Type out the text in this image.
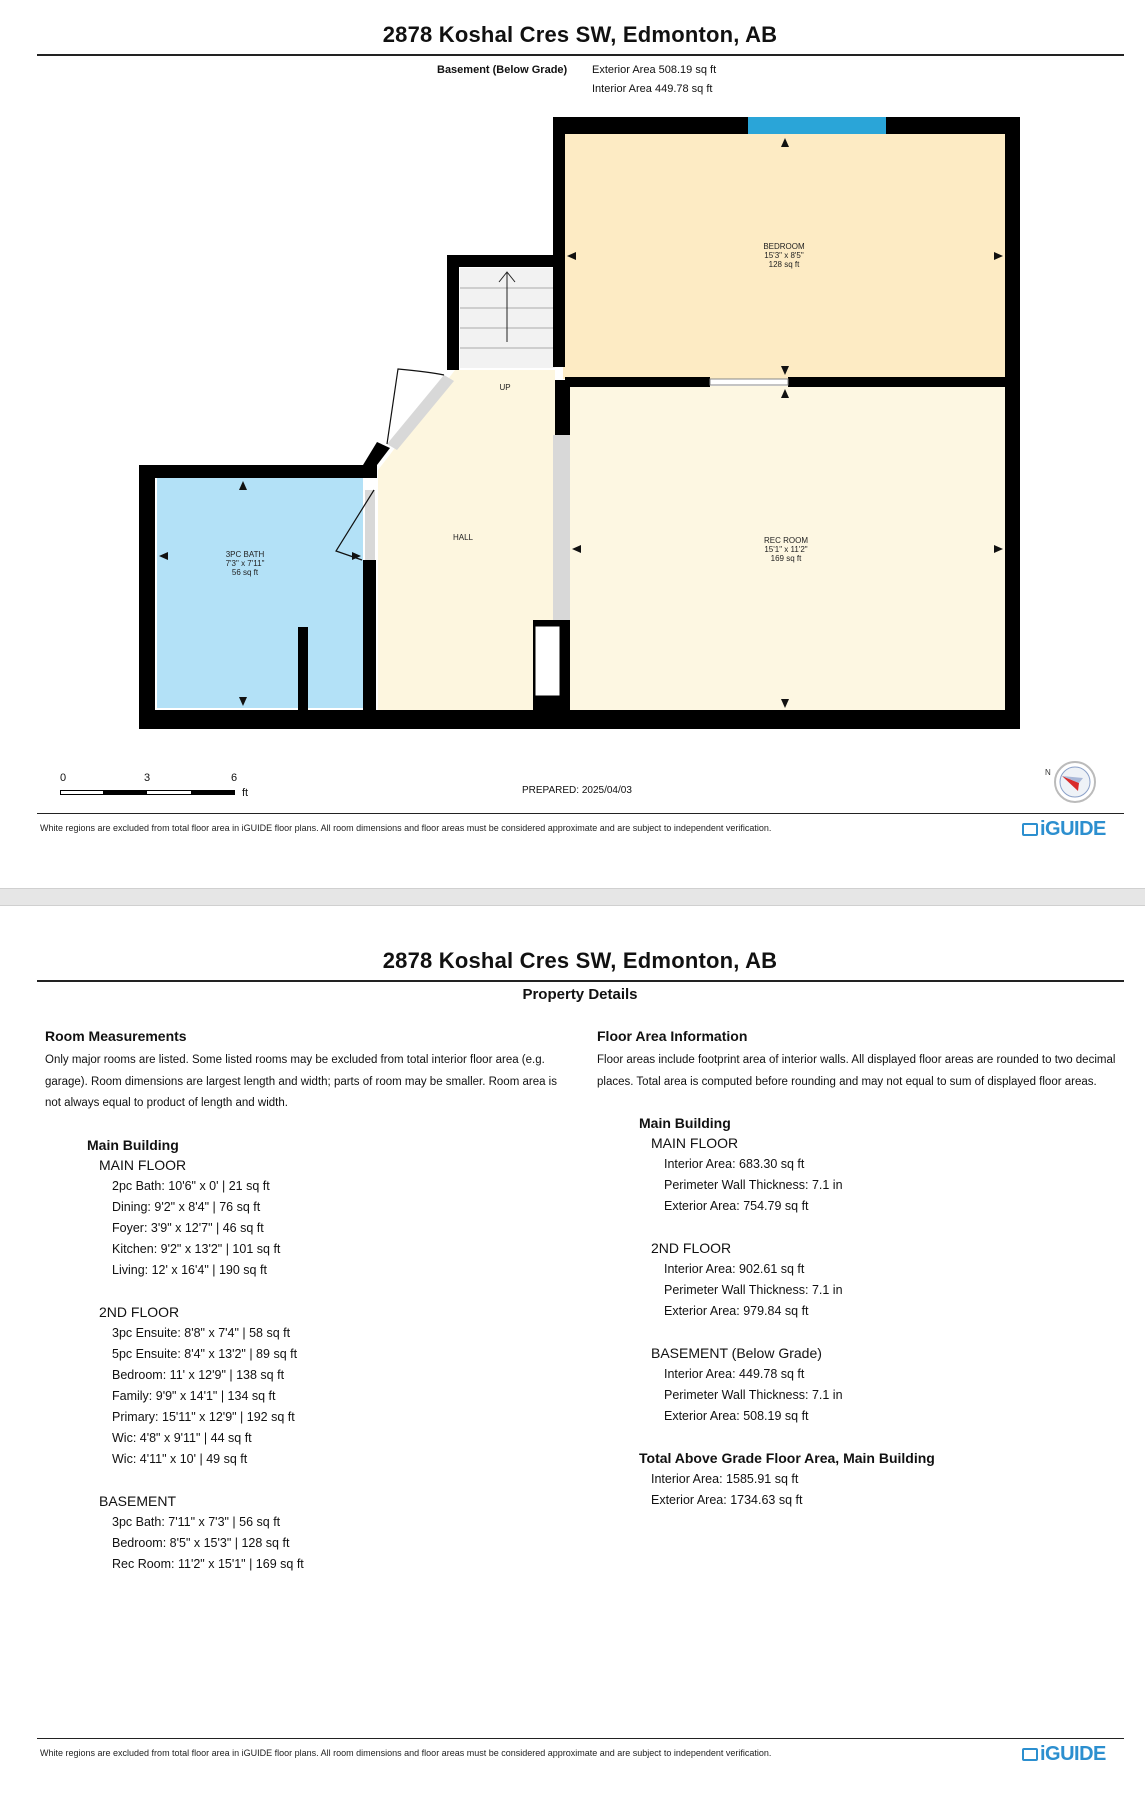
2878 Koshal Cres SW, Edmonton, AB
Basement (Below Grade) Exterior Area 508.19 sq ft
Interior Area 449.78 sq ft
BEDROOM
15'3" x 8'5"
128 sq ft
REC ROOM
15'1" x 11'2"
169 sq ft
3PC BATH
7'3" x 7'11"
56 sq ft
HALL
UP
0	3	6
ft	PREPARED: 2025/04/03
N
White regions are excluded from total floor area in iGUIDE floor plans. All room dimensions and floor areas must be considered approximate and are subject to independent verification.	iGUIDE
2878 Koshal Cres SW, Edmonton, AB
Property Details
Room Measurements

Only major rooms are listed. Some listed rooms may be excluded from total interior floor area (e.g. garage). Room dimensions are largest length and width; parts of room may be smaller. Room area is not always equal to product of length and width.

Main Building
MAIN FLOOR
2pc Bath: 10'6" x 0' | 21 sq ft
Dining: 9'2" x 8'4" | 76 sq ft
Foyer: 3'9" x 12'7" | 46 sq ft
Kitchen: 9'2" x 13'2" | 101 sq ft
Living: 12' x 16'4" | 190 sq ft
2ND FLOOR
3pc Ensuite: 8'8" x 7'4" | 58 sq ft
5pc Ensuite: 8'4" x 13'2" | 89 sq ft
Bedroom: 11' x 12'9" | 138 sq ft
Family: 9'9" x 14'1" | 134 sq ft
Primary: 15'11" x 12'9" | 192 sq ft
Wic: 4'8" x 9'11" | 44 sq ft
Wic: 4'11" x 10' | 49 sq ft
BASEMENT
3pc Bath: 7'11" x 7'3" | 56 sq ft
Bedroom: 8'5" x 15'3" | 128 sq ft
Rec Room: 11'2" x 15'1" | 169 sq ft
Floor Area Information

Floor areas include footprint area of interior walls. All displayed floor areas are rounded to two decimal places. Total area is computed before rounding and may not equal to sum of displayed floor areas.

Main Building
MAIN FLOOR
Interior Area: 683.30 sq ft
Perimeter Wall Thickness: 7.1 in
Exterior Area: 754.79 sq ft
2ND FLOOR
Interior Area: 902.61 sq ft
Perimeter Wall Thickness: 7.1 in
Exterior Area: 979.84 sq ft
BASEMENT (Below Grade)
Interior Area: 449.78 sq ft
Perimeter Wall Thickness: 7.1 in
Exterior Area: 508.19 sq ft
Total Above Grade Floor Area, Main Building
Interior Area: 1585.91 sq ft
Exterior Area: 1734.63 sq ft
White regions are excluded from total floor area in iGUIDE floor plans. All room dimensions and floor areas must be considered approximate and are subject to independent verification.	iGUIDE
